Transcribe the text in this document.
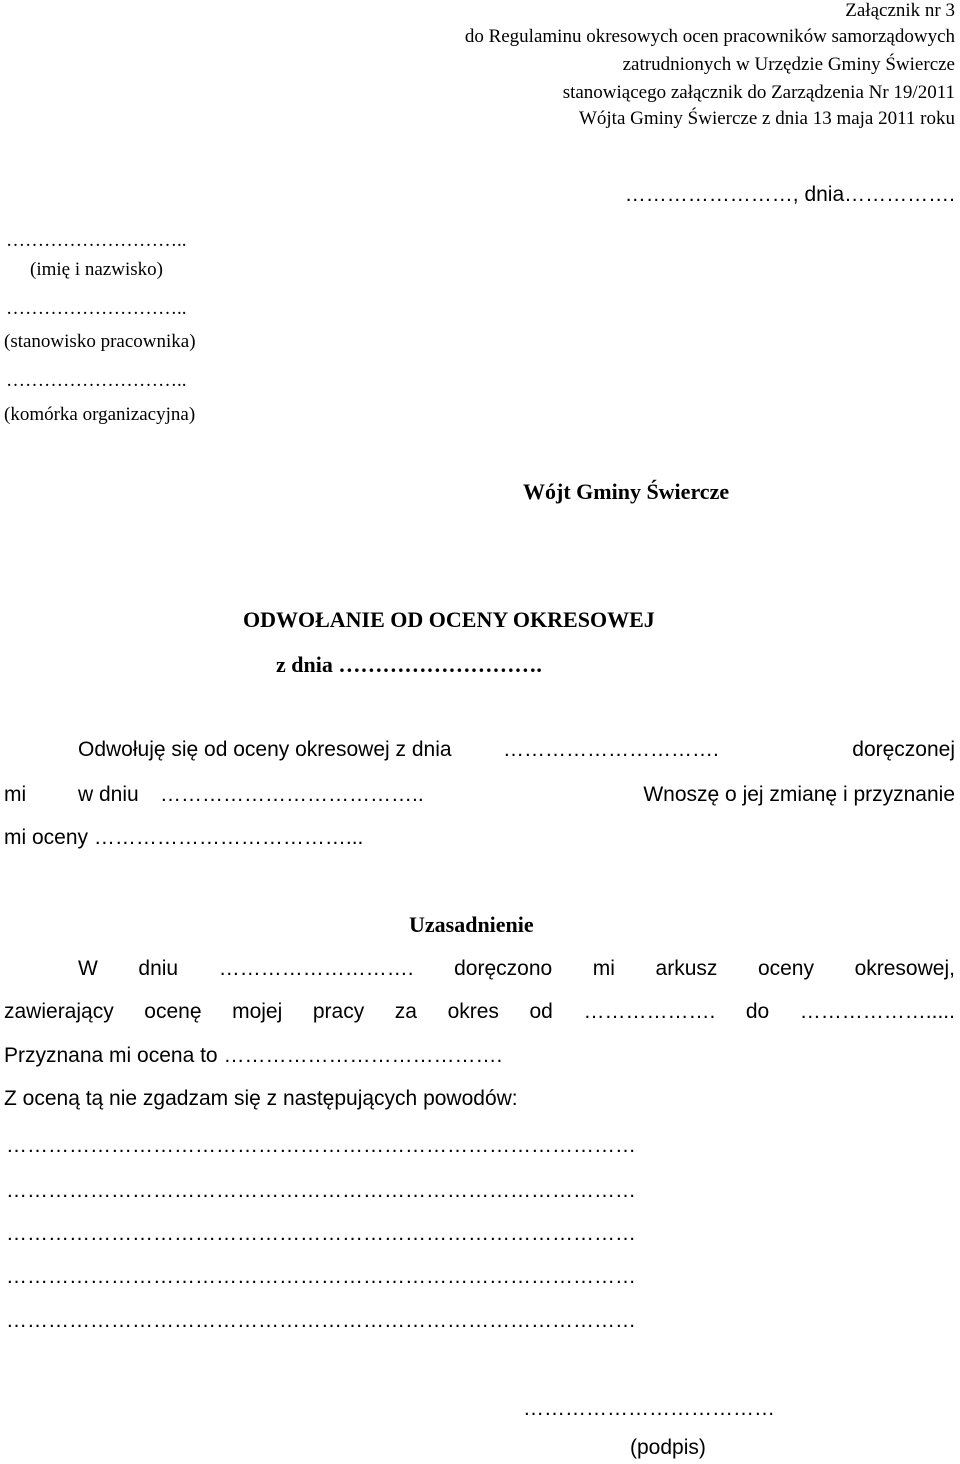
Załącznik nr 3
do Regulaminu okresowych ocen pracowników samorządowych
zatrudnionych w Urzędzie Gminy Świercze
stanowiącego załącznik do Zarządzenia Nr 19/2011
Wójta Gminy Świercze z dnia 13 maja 2011 roku
……………………, dnia…………….
………………………..
(imię i nazwisko)
………………………..
(stanowisko pracownika)
………………………..
(komórka organizacyjna)
Wójt Gminy Świercze
ODWOŁANIE OD OCENY OKRESOWEJ
z dnia ……………………….
Odwołuję się od oceny okresowej z dnia ………………………….	doręczonej
mi w dniu ………………………………..	Wnoszę o jej zmianę i przyznanie
mi oceny ………………………………...
Uzasadnienie
W dniu ………………………. doręczono mi arkusz oceny okresowej,
zawierający ocenę mojej pracy za okres od ………………. do ……………….....
Przyznana mi ocena to ………………………………….
Z oceną tą nie zgadzam się z następujących powodów:
………………………………………………………………………………
………………………………………………………………………………
………………………………………………………………………………
………………………………………………………………………………
………………………………………………………………………………
………………………………
(podpis)
